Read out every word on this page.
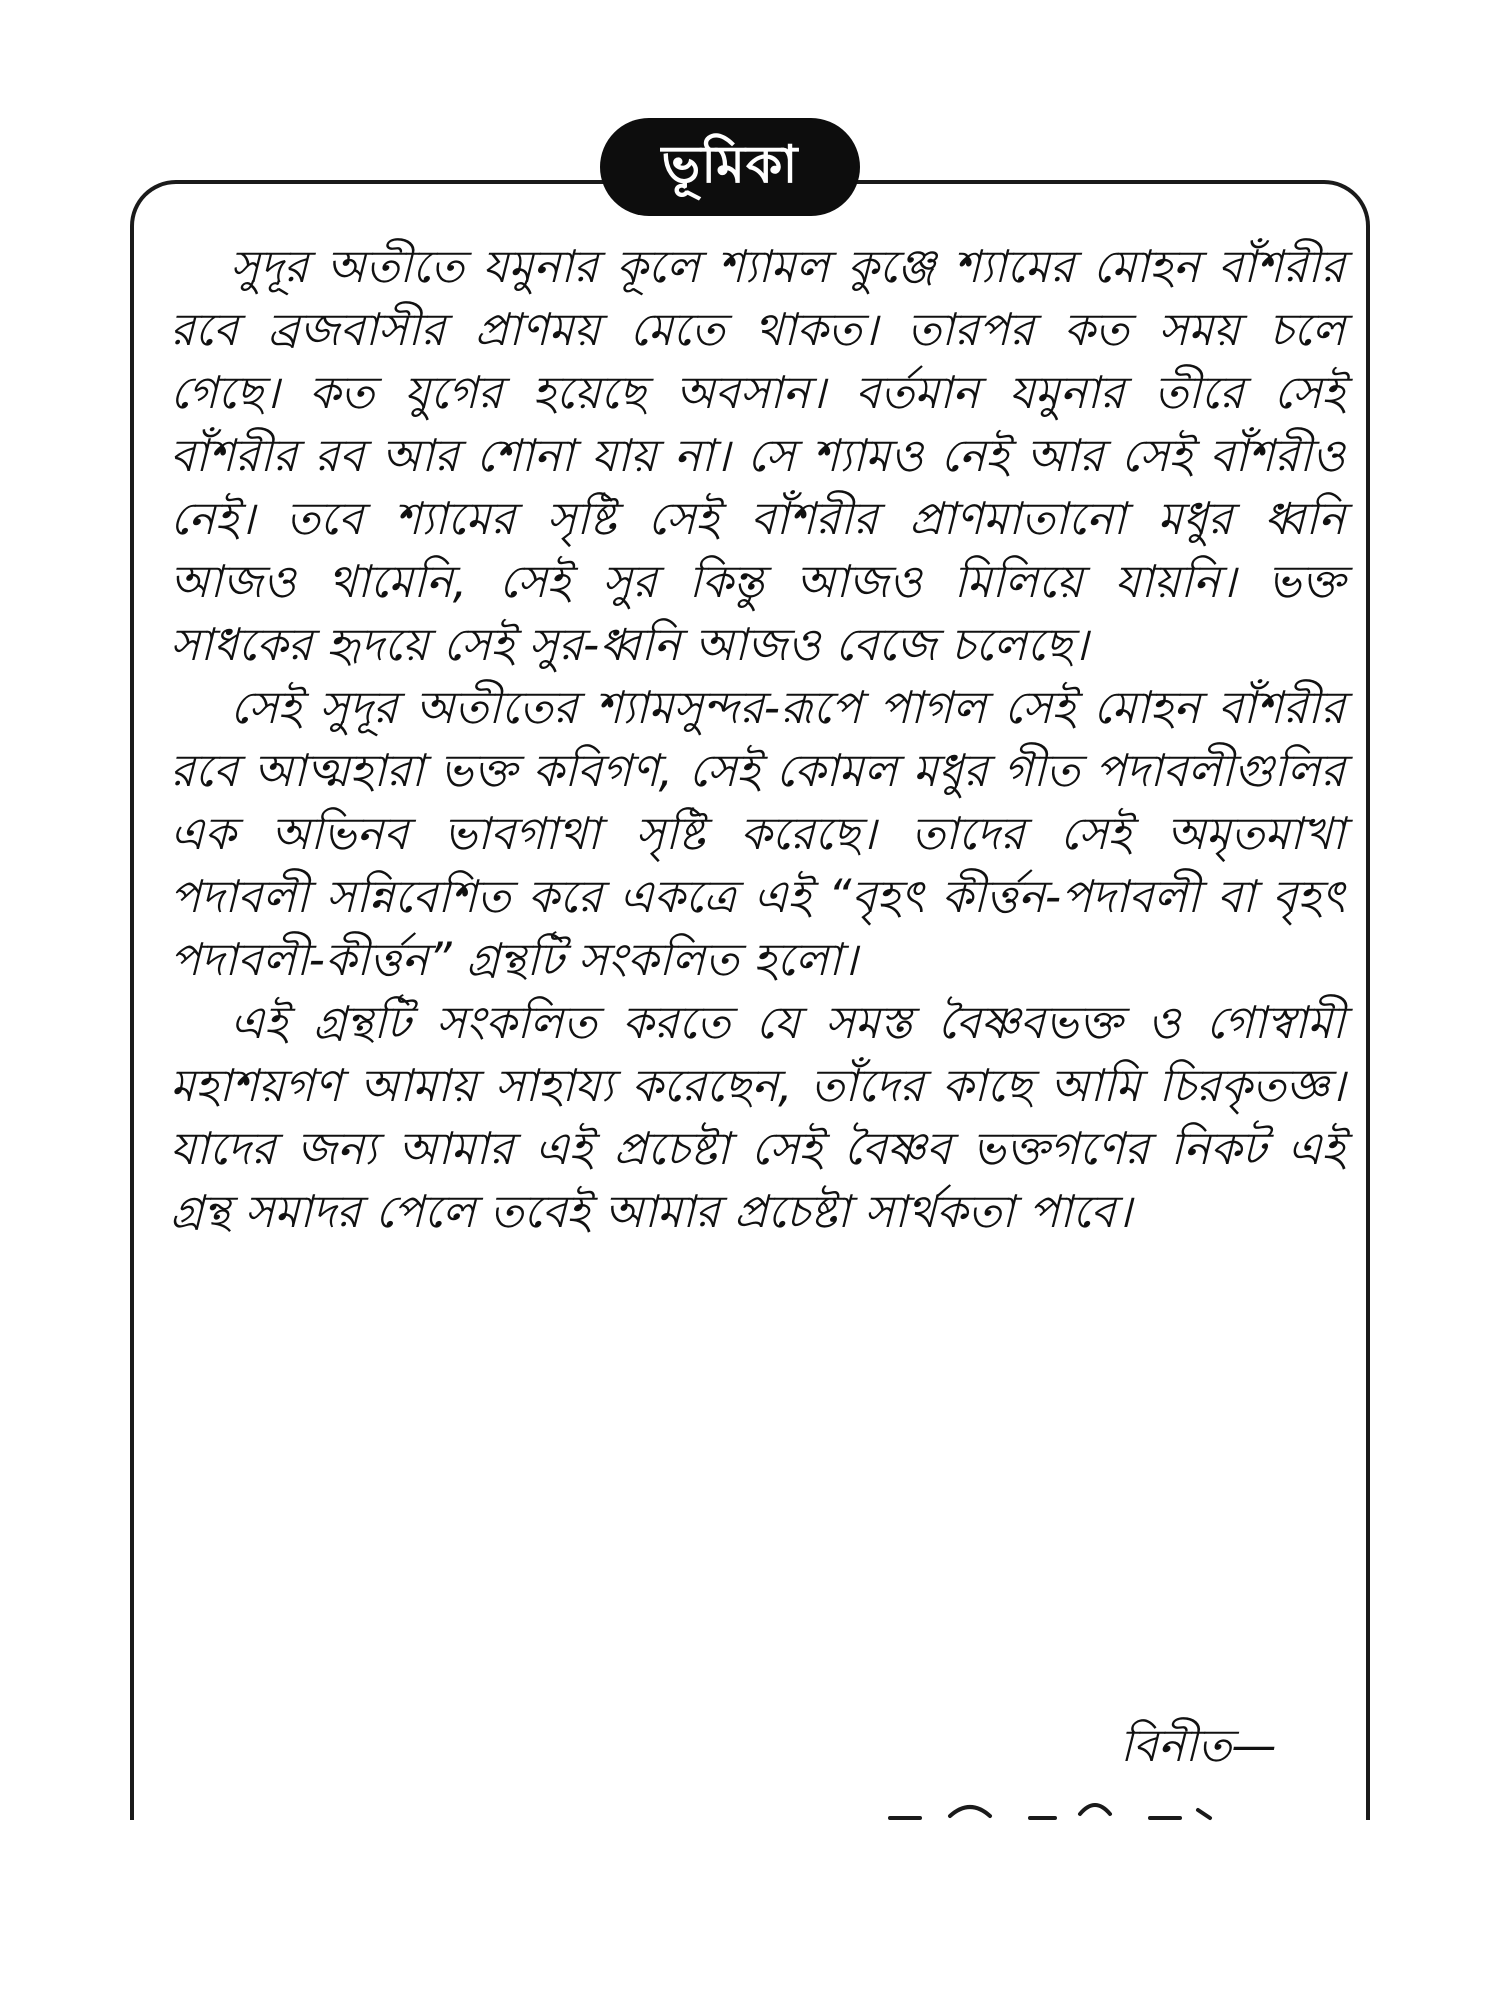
ভূমিকা

সুদূর অতীতে যমুনার কূলে শ্যামল কুঞ্জে শ্যামের মোহন বাঁশরীর রবে ব্রজবাসীর প্রাণময় মেতে থাকত। তারপর কত সময় চলে গেছে। কত যুগের হয়েছে অবসান। বর্তমান যমুনার তীরে সেই বাঁশরীর রব আর শোনা যায় না। সে শ্যামও নেই আর সেই বাঁশরীও নেই। তবে শ্যামের সৃষ্টি সেই বাঁশরীর প্রাণমাতানো মধুর ধ্বনি আজও থামেনি, সেই সুর কিন্তু আজও মিলিয়ে যায়নি। ভক্ত সাধকের হৃদয়ে সেই সুর-ধ্বনি আজও বেজে চলেছে।

সেই সুদূর অতীতের শ্যামসুন্দর-রূপে পাগল সেই মোহন বাঁশরীর রবে আত্মহারা ভক্ত কবিগণ, সেই কোমল মধুর গীত পদাবলীগুলির এক অভিনব ভাবগাথা সৃষ্টি করেছে। তাদের সেই অমৃতমাখা পদাবলী সন্নিবেশিত করে একত্রে এই “বৃহৎ কীর্ত্তন-পদাবলী বা বৃহৎ পদাবলী-কীর্ত্তন” গ্রন্থটি সংকলিত হলো।

এই গ্রন্থটি সংকলিত করতে যে সমস্ত বৈষ্ণবভক্ত ও গোস্বামী মহাশয়গণ আমায় সাহায্য করেছেন, তাঁদের কাছে আমি চিরকৃতজ্ঞ। যাদের জন্য আমার এই প্রচেষ্টা সেই বৈষ্ণব ভক্তগণের নিকট এই গ্রন্থ সমাদর পেলে তবেই আমার প্রচেষ্টা সার্থকতা পাবে।

বিনীত—
